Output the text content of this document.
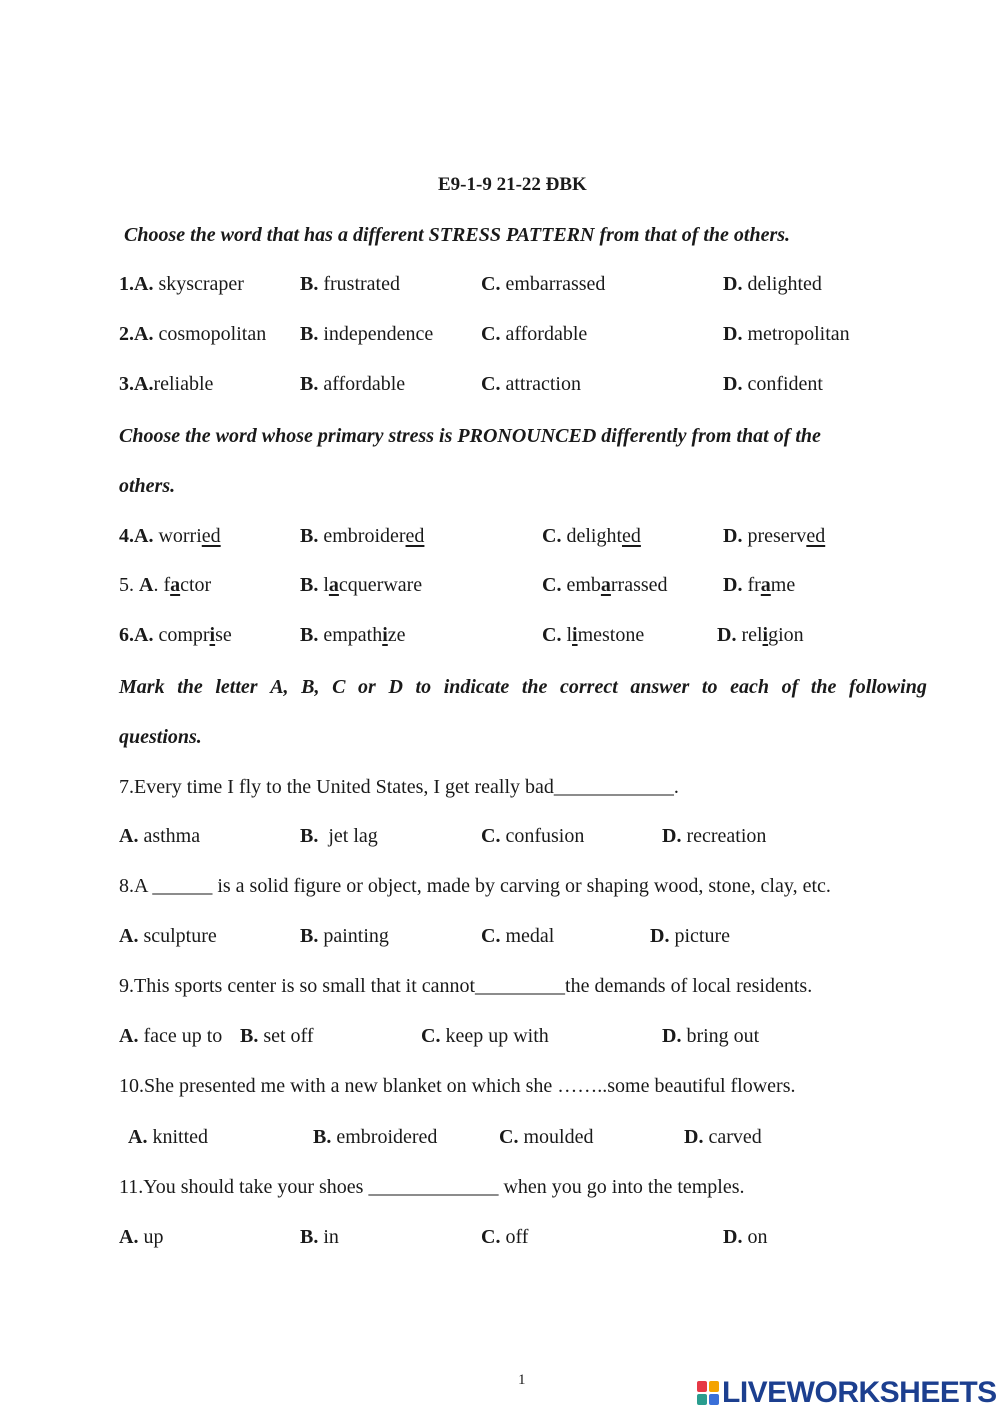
E9-1-9 21-22 ĐBK
Choose the word that has a different STRESS PATTERN from that of the others.
1.A. skyscraper	B. frustrated	C. embarrassed	D. delighted
2.A. cosmopolitan B. independence C. affordable	D. metropolitan
3.A.reliable	B. affordable	C. attraction	D. confident
Choose the word whose primary stress is PRONOUNCED differently from that of the
others.
4.A. worried	B. embroidered	C. delighted	D. preserved
5. A. factor	B. lacquerware	C. embarrassed	D. frame
6.A. comprise	B. empathize	C. limestone	D. religion
Mark the letter A, B, C or D to indicate the correct answer to each of the following
questions.
7.Every time I fly to the United States, I get really bad____________.
A. asthma	B.  jet lag	C. confusion	D. recreation
8.A ______ is a solid figure or object, made by carving or shaping wood, stone, clay, etc.
A. sculpture	B. painting	C. medal	D. picture
9.This sports center is so small that it cannot_________the demands of local residents.
A. face up to B. set off	C. keep up with	D. bring out
10.She presented me with a new blanket on which she ……..some beautiful flowers.
A. knitted	B. embroidered	C. moulded	D. carved
11.You should take your shoes _____________ when you go into the temples.
A. up	B. in	C. off	D. on
1	LIVEWORKSHEETS
